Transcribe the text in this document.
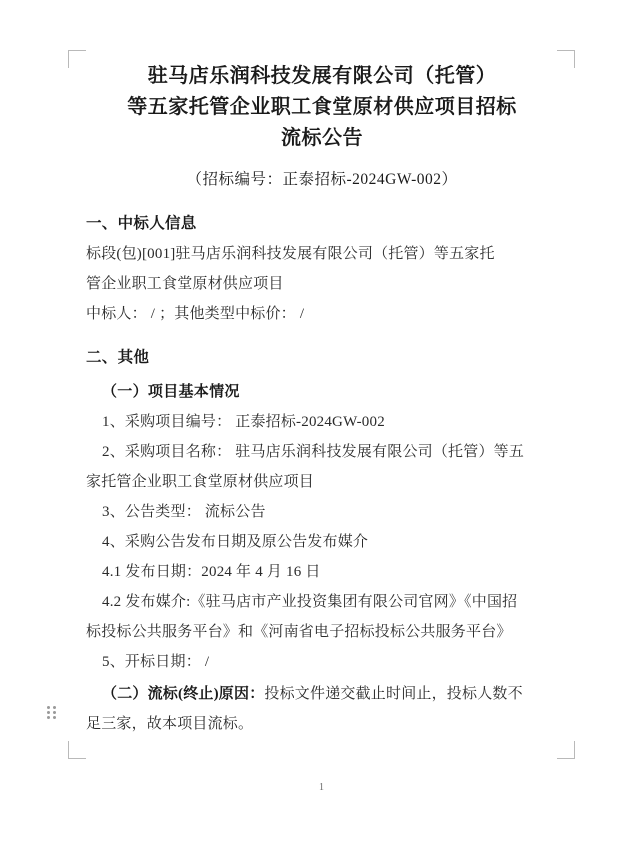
驻马店乐润科技发展有限公司（托管）
等五家托管企业职工食堂原材供应项目招标
流标公告
（招标编号：正泰招标-2024GW-002）
一、中标人信息
标段(包)[001]驻马店乐润科技发展有限公司（托管）等五家托
管企业职工食堂原材供应项目
中标人： / ；其他类型中标价： /
二、其他
（一）项目基本情况
1、采购项目编号： 正泰招标-2024GW-002
2、采购项目名称： 驻马店乐润科技发展有限公司（托管）等五
家托管企业职工食堂原材供应项目
3、公告类型： 流标公告
4、采购公告发布日期及原公告发布媒介
4.1 发布日期：2024 年 4 月 16 日
4.2 发布媒介:《驻马店市产业投资集团有限公司官网》《中国招
标投标公共服务平台》和《河南省电子招标投标公共服务平台》
5、开标日期： /
（二）流标(终止)原因：投标文件递交截止时间止，投标人数不
足三家，故本项目流标。
1
